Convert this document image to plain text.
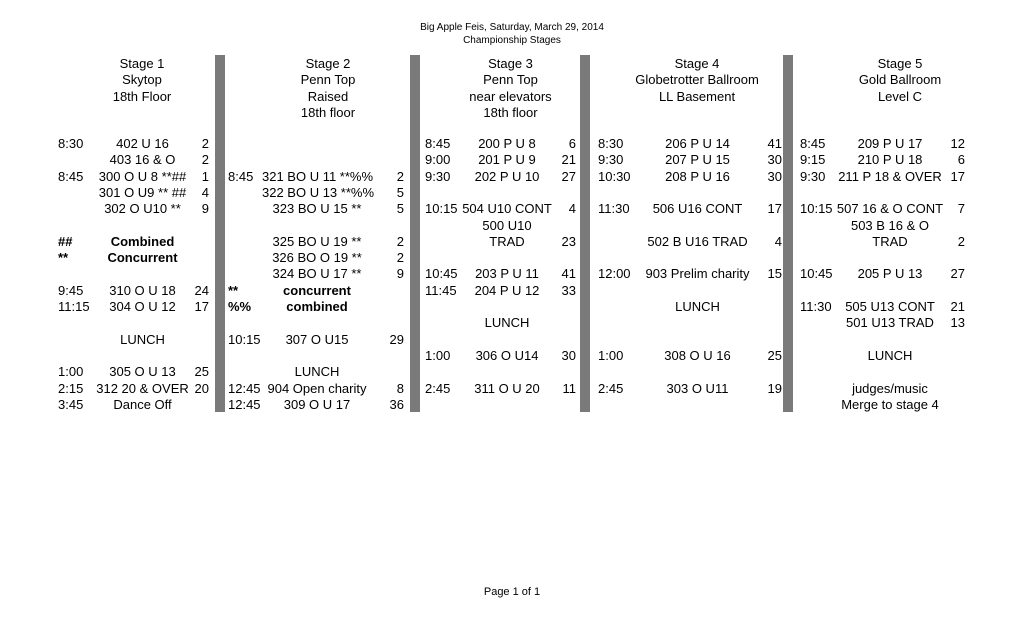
Big Apple Feis, Saturday, March 29, 2014
Championship Stages
Stage 1
Skytop
18th Floor
Stage 2
Penn Top
Raised
18th floor
Stage 3
Penn Top
near elevators
18th floor
Stage 4
Globetrotter Ballroom
LL Basement
Stage 5
Gold Ballroom
Level C
8:30	402 U 16	2
403 16 & O	2
8:45	300 O U 8 **##	1
301 O U9 ** ##	4
302 O U10 **	9
##	Combined
**	Concurrent
9:45	310 O U 18	24
11:15	304 O U 12	17
LUNCH
1:00	305 O U 13	25
2:15 312 20 & OVER 20
3:45	Dance Off
8:45 321 BO U 11 **%%	2
322 BO U 13 **%%	5
323 BO U 15 **	5
325 BO U 19 **	2
326 BO O 19 **	2
324 BO U 17 **	9
**	concurrent
%%	combined
10:15	307 O U15	29
LUNCH
12:45 904 Open charity	8
12:45	309 O U 17	36
8:45	200 P U 8	6
9:00	201 P U 9	21
9:30	202 P U 10	27
10:15 504 U10 CONT	4
500 U10
TRAD	23
10:45	203 P U 11	41
11:45	204 P U 12	33
LUNCH
1:00	306 O U14	30
2:45	311 O U 20	11
8:30	206 P U 14	41
9:30	207 P U 15	30
10:30	208 P U 16	30
11:30	506 U16 CONT	17
502 B U16 TRAD	4
12:00	903 Prelim charity	15
LUNCH
1:00	308 O U 16	25
2:45	303 O U11	19
8:45	209 P U 17	12
9:15	210 P U 18	6
9:30 211 P 18 & OVER 17
10:15 507 16 & O CONT	7
503 B 16 & O
TRAD	2
10:45	205 P U 13	27
11:30	505 U13 CONT	21
501 U13 TRAD	13
LUNCH
judges/music
Merge to stage 4
Page 1 of 1
